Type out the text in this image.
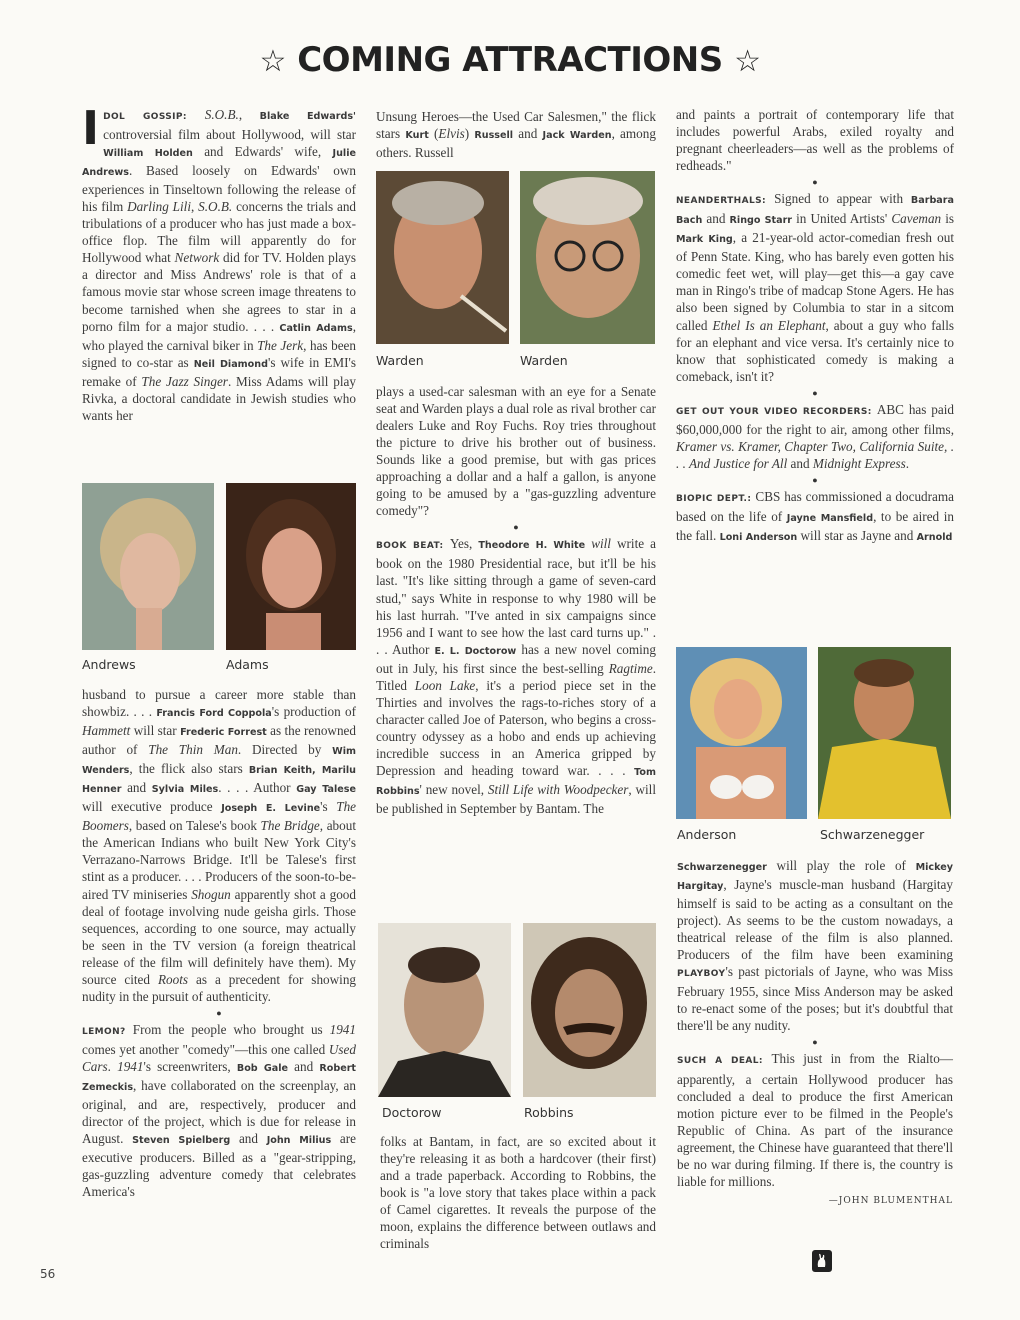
☆ COMING ATTRACTIONS ☆
I DOL GOSSIP: S.O.B., Blake Edwards' controversial film about Hollywood, will star William Holden and Edwards' wife, Julie Andrews. Based loosely on Edwards' own experiences in Tinseltown following the release of his film Darling Lili, S.O.B. concerns the trials and tribulations of a producer who has just made a box-office flop. The film will apparently do for Hollywood what Network did for TV. Holden plays a director and Miss Andrews' role is that of a famous movie star whose screen image threatens to become tarnished when she agrees to star in a porno film for a major studio. . . . Catlin Adams, who played the carnival biker in The Jerk, has been signed to co-star as Neil Diamond's wife in EMI's remake of The Jazz Singer. Miss Adams will play Rivka, a doctoral candidate in Jewish studies who wants her

Andrews	Adams

husband to pursue a career more stable than showbiz. . . . Francis Ford Coppola's production of Hammett will star Frederic Forrest as the renowned author of The Thin Man. Directed by Wim Wenders, the flick also stars Brian Keith, Marilu Henner and Sylvia Miles. . . . Author Gay Talese will executive produce Joseph E. Levine's The Boomers, based on Talese's book The Bridge, about the American Indians who built New York City's Verrazano-Narrows Bridge. It'll be Talese's first stint as a producer. . . . Producers of the soon-to-be-aired TV miniseries Shogun apparently shot a good deal of footage involving nude geisha girls. Those sequences, according to one source, may actually be seen in the TV version (a foreign theatrical release of the film will definitely have them). My source cited Roots as a precedent for showing nudity in the pursuit of authenticity.

●

LEMON? From the people who brought us 1941 comes yet another "comedy"—this one called Used Cars. 1941's screenwriters, Bob Gale and Robert Zemeckis, have collaborated on the screenplay, an original, and are, respectively, producer and director of the project, which is due for release in August. Steven Spielberg and John Milius are executive producers. Billed as a "gear-stripping, gas-guzzling adventure comedy that celebrates America's

Unsung Heroes—the Used Car Salesmen," the flick stars Kurt (Elvis) Russell and Jack Warden, among others. Russell

Warden	Warden

plays a used-car salesman with an eye for a Senate seat and Warden plays a dual role as rival brother car dealers Luke and Roy Fuchs. Roy tries throughout the picture to drive his brother out of business. Sounds like a good premise, but with gas prices approaching a dollar and a half a gallon, is anyone going to be amused by a "gas-guzzling adventure comedy"?

●

BOOK BEAT: Yes, Theodore H. White will write a book on the 1980 Presidential race, but it'll be his last. "It's like sitting through a game of seven-card stud," says White in response to why 1980 will be his last hurrah. "I've anted in six campaigns since 1956 and I want to see how the last card turns up." . . . Author E. L. Doctorow has a new novel coming out in July, his first since the best-selling Ragtime. Titled Loon Lake, it's a period piece set in the Thirties and involves the rags-to-riches story of a character called Joe of Paterson, who begins a cross-country odyssey as a hobo and ends up achieving incredible success in an America gripped by Depression and heading toward war. . . . Tom Robbins' new novel, Still Life with Woodpecker, will be published in September by Bantam. The

Doctorow	Robbins

folks at Bantam, in fact, are so excited about it they're releasing it as both a hardcover (their first) and a trade paperback. According to Robbins, the book is "a love story that takes place within a pack of Camel cigarettes. It reveals the purpose of the moon, explains the difference between outlaws and criminals

and paints a portrait of contemporary life that includes powerful Arabs, exiled royalty and pregnant cheerleaders—as well as the problems of redheads."

●

NEANDERTHALS: Signed to appear with Barbara Bach and Ringo Starr in United Artists' Caveman is Mark King, a 21-year-old actor-comedian fresh out of Penn State. King, who has barely even gotten his comedic feet wet, will play—get this—a gay cave man in Ringo's tribe of madcap Stone Agers. He has also been signed by Columbia to star in a sitcom called Ethel Is an Elephant, about a guy who falls for an elephant and vice versa. It's certainly nice to know that sophisticated comedy is making a comeback, isn't it?

●

GET OUT YOUR VIDEO RECORDERS: ABC has paid $60,000,000 for the right to air, among other films, Kramer vs. Kramer, Chapter Two, California Suite, . . . And Justice for All and Midnight Express.

●

BIOPIC DEPT.: CBS has commissioned a docudrama based on the life of Jayne Mansfield, to be aired in the fall. Loni Anderson will star as Jayne and Arnold

Anderson	Schwarzenegger

Schwarzenegger will play the role of Mickey Hargitay, Jayne's muscle-man husband (Hargitay himself is said to be acting as a consultant on the project). As seems to be the custom nowadays, a theatrical release of the film is also planned. Producers of the film have been examining PLAYBOY's past pictorials of Jayne, who was Miss February 1955, since Miss Anderson may be asked to re-enact some of the poses; but it's doubtful that there'll be any nudity.

●

SUCH A DEAL: This just in from the Rialto—apparently, a certain Hollywood producer has concluded a deal to produce the first American motion picture ever to be filmed in the People's Republic of China. As part of the insurance agreement, the Chinese have guaranteed that there'll be no war during filming. If there is, the country is liable for millions.

—JOHN BLUMENTHAL

56
